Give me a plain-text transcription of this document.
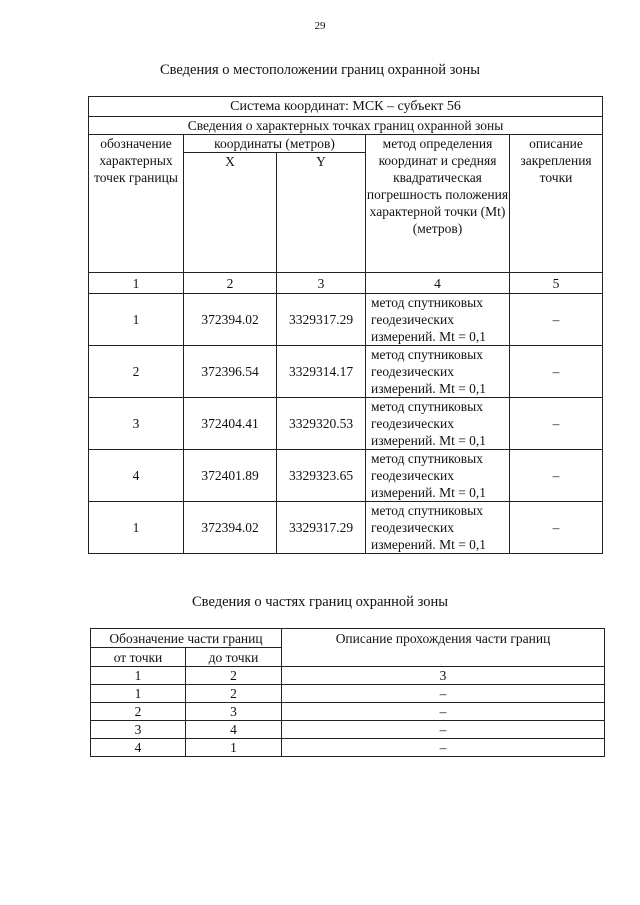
29
Сведения о местоположении границ охранной зоны
Система координат: МСК – субъект 56				
Сведения о характерных точках границ охранной зоны				
обозначение характерных точек границы	координаты (метров)		метод определения координат и средняя квадратическая погрешность положения характерной точки (Mt) (метров)	описание закрепления точки
	X	Y		
1	2	3	4	5
1	372394.02	3329317.29	метод спутниковых геодезических измерений. Mt = 0,1	–
2	372396.54	3329314.17	метод спутниковых геодезических измерений. Mt = 0,1	–
3	372404.41	3329320.53	метод спутниковых геодезических измерений. Mt = 0,1	–
4	372401.89	3329323.65	метод спутниковых геодезических измерений. Mt = 0,1	–
1	372394.02	3329317.29	метод спутниковых геодезических измерений. Mt = 0,1	–
Сведения о частях границ охранной зоны
Обозначение части границ		Описание прохождения части границ
от точки	до точки	
1	2	3
1	2	–
2	3	–
3	4	–
4	1	–
